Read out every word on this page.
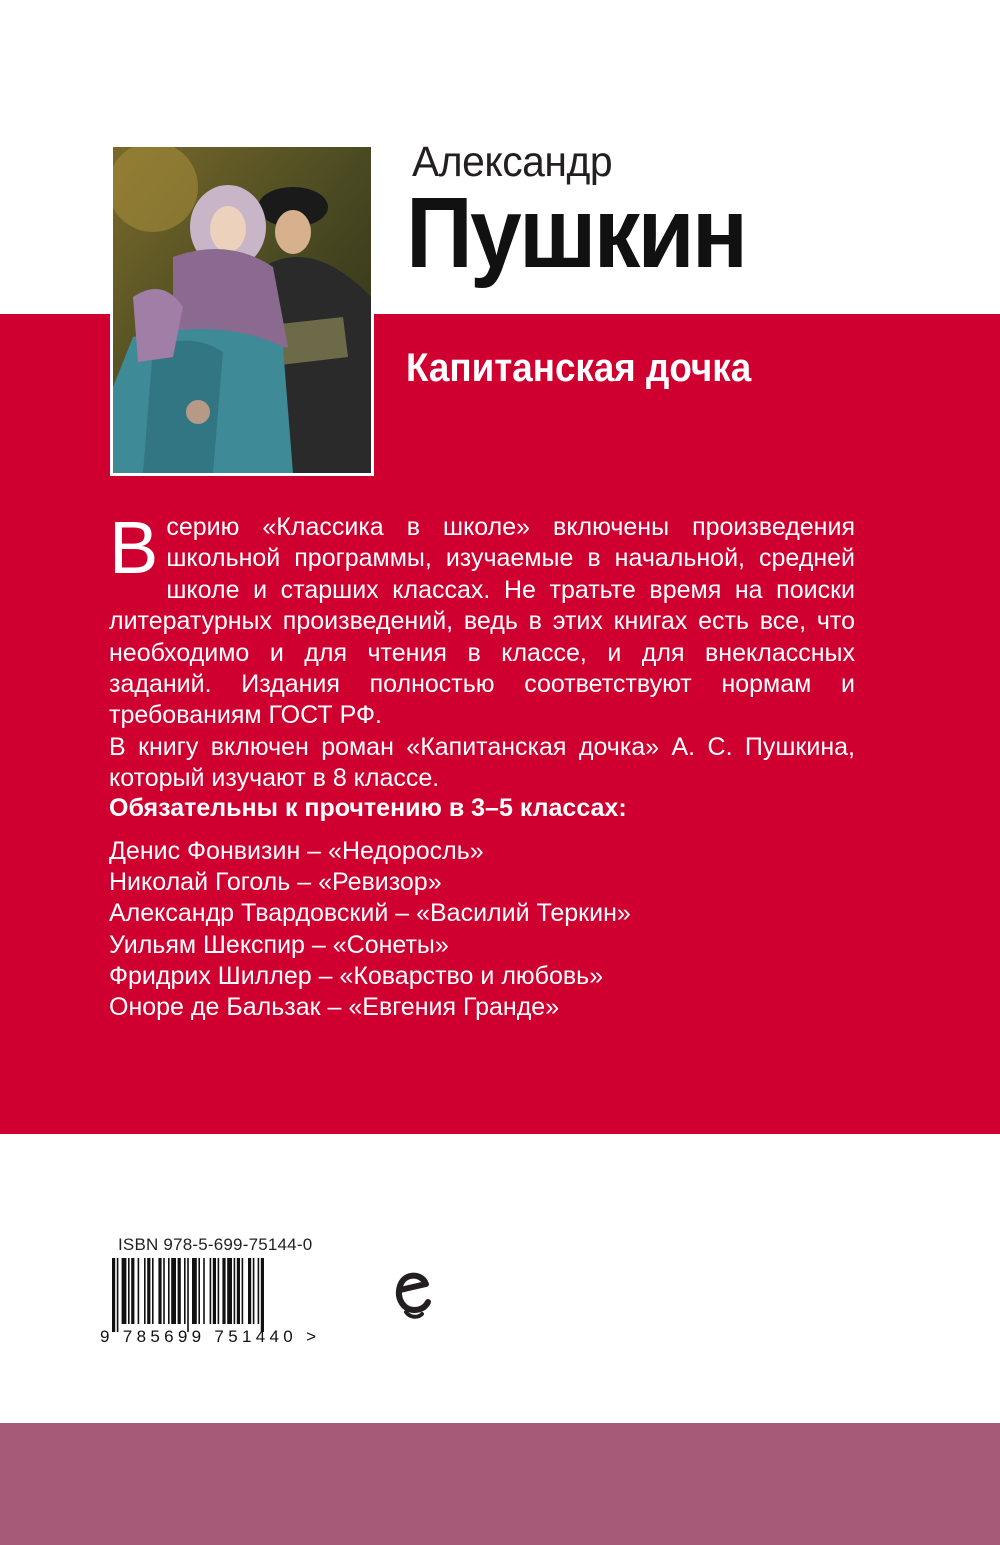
Александр
Пушкин
Капитанская дочка

Всерию «Классика в школе» включены произведения школьной программы, изучаемые в начальной, средней школе и старших классах. Не тратьте время на поиски литературных произведений, ведь в этих книгах есть все, что необходимо и для чтения в классе, и для внеклассных заданий. Издания полностью соответствуют нормам и требованиям ГОСТ РФ.

В книгу включен роман «Капитанская дочка» А. С. Пушкина, который изучают в 8 классе.

Обязательны к прочтению в 3–5 классах:
Денис Фонвизин – «Недоросль»
Николай Гоголь – «Ревизор»
Александр Твардовский – «Василий Теркин»
Уильям Шекспир – «Сонеты»
Фридрих Шиллер – «Коварство и любовь»
Оноре де Бальзак – «Евгения Гранде»
ISBN 978-5-699-75144-0
9 785699 751440 >
